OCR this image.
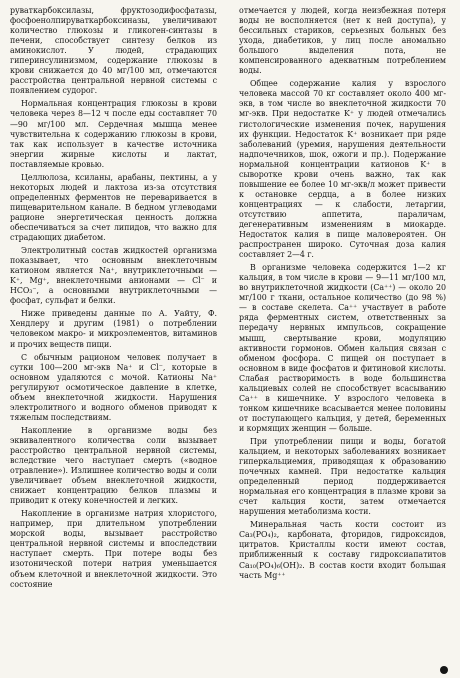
руваткарбоксилазы, фруктозодифосфатазы, фосфоенолпируваткарбоксиназы, увеличивают количество глюкозы и гликоген-синтазы в печени, способствует синтезу белков из аминокислот. У людей, страдающих гиперинсулинизмом, содержание глюкозы в крови снижается до 40 мг/100 мл, отмечаются расстройства центральной нервной системы с появлением судорог.

Нормальная концентрация глюкозы в крови человека через 8—12 ч после еды составляет 70—90 мг/100 мл. Сердечная мышца менее чувствительна к содержанию глюкозы в крови, так как использует в качестве источника энергии жирные кислоты и лактат, поставляемые кровью.

Целлюлоза, ксиланы, арабаны, пектины, а у некоторых людей и лактоза из-за отсутствия определенных ферментов не переваривается в пищеварительном канале. В бедном углеводами рационе энергетическая ценность должна обеспечиваться за счет липидов, что важно для страдающих диабетом.

Электролитный состав жидкостей организма показывает, что основным внеклеточным катионом является Na⁺, внутриклеточными — K⁺, Mg⁺, внеклеточными анионами — Cl⁻ и HCO₃⁻, а основными внутриклеточными — фосфат, сульфат и белки.

Ниже приведены данные по А. Уайту, Ф. Хендлеру и другим (1981) о потреблении человеком макро- и микроэлементов, витаминов и прочих веществ пищи.

С обычным рационом человек получает в сутки 100—200 мг-экв Na⁺ и Cl⁻, которые в основном удаляются с мочой. Катионы Na⁺ регулируют осмотическое давление в клетке, объем внеклеточной жидкости. Нарушения электролитного и водного обменов приводят к тяжелым последствиям.

Накопление в организме воды без эквивалентного количества соли вызывает расстройство центральной нервной системы, вследствие чего наступает смерть («водное отравление»). Излишнее количество воды и соли увеличивает объем внеклеточной жидкости, снижает концентрацию белков плазмы и приводит к отеку конечностей и легких.

Накопление в организме натрия хлористого, например, при длительном употреблении морской воды, вызывает расстройство центральной нервной системы и впоследствии наступает смерть. При потере воды без изотонической потери натрия уменьшается объем клеточной и внеклеточной жидкости. Это состояние

отмечается у людей, когда неизбежная потеря воды не восполняется (нет к ней доступа), у бессильных стариков, серьезных больных без ухода, диабетиков, у лиц после аномально большого выделения пота, не компенсированного адекватным потреблением воды.

Общее содержание калия у взрослого человека массой 70 кг составляет около 400 мг-экв, в том числе во внеклеточной жидкости 70 мг-экв. При недостатке K⁺ у людей отмечались гистологические изменения почек, нарушения их функции. Недостаток K⁺ возникает при ряде заболеваний (уремия, нарушения деятельности надпочечников, шок, ожоги и пр.). Подержание нормальной концентрации катионов K⁺ в сыворотке крови очень важно, так как повышение ее более 10 мг-экв/л может привести к остановке сердца, а в более низких концентрациях — к слабости, летаргии, отсутствию аппетита, параличам, дегенеративным изменениям в миокарде. Недостаток калия в пище маловероятен. Он распространен широко. Суточная доза калия составляет 2—4 г.

В организме человека содержится 1—2 кг кальция, в том числе в крови — 9—11 мг/100 мл, во внутриклеточной жидкости (Ca⁺⁺) — около 20 мг/100 г ткани, остальное количество (до 98 %) — в составе скелета. Ca⁺⁺ участвует в работе ряда ферментных систем, ответственных за передачу нервных импульсов, сокращение мышц, свертывание крови, модуляцию активности гормонов. Обмен кальция связан с обменом фосфора. С пищей он поступает в основном в виде фосфатов и фитиновой кислоты. Слабая растворимость в воде большинства кальциевых солей не способствует всасыванию Ca⁺⁺ в кишечнике. У взрослого человека в тонком кишечнике всасывается менее половины от поступающего кальция, у детей, беременных и кормящих женщин — больше.

При употреблении пищи и воды, богатой кальцием, и некоторых заболеваниях возникает гиперкальциемия, приводящая к образованию почечных камней. При недостатке кальция определенный период поддерживается нормальная его концентрация в плазме крови за счет кальция кости, затем отмечается нарушения метаболизма кости.

Минеральная часть кости состоит из Ca₃(PO₄)₂, карбоната, фторидов, гидроксидов, цитратов. Кристаллы кости имеют состав, приближенный к составу гидроксиапатитов Ca₁₀(PO₄)₆(OH)₂. В состав кости входит большая часть Mg⁺⁺
